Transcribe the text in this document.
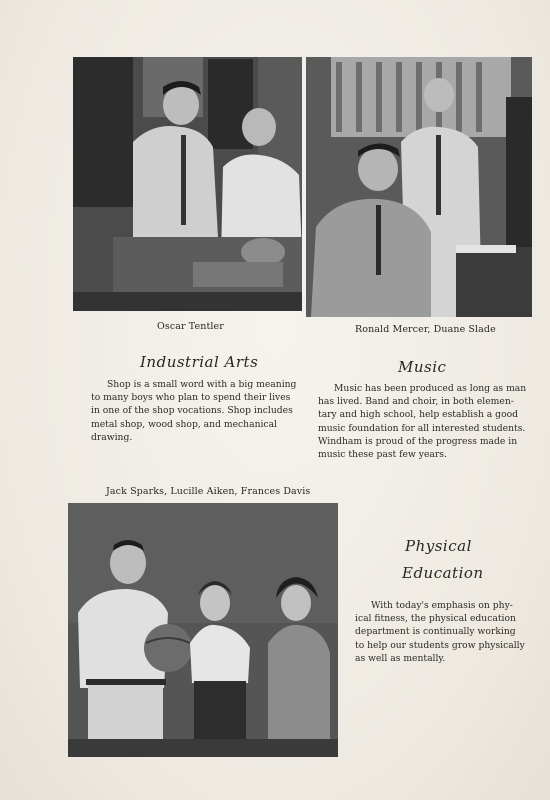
Oscar Tentler	Ronald Mercer, Duane Slade
Industrial Arts	Music
Shop is a small word with a big meaning
to many boys who plan to spend their lives
in one of the shop vocations. Shop includes
metal shop, wood shop, and mechanical
drawing.
Music has been produced as long as man
has lived. Band and choir, in both elemen-
tary and high school, help establish a good
music foundation for all interested students.
Windham is proud of the progress made in
music these past few years.
Jack Sparks, Lucille Aiken, Frances Davis
Physical
Education
With today's emphasis on phy-
ical fitness, the physical education
department is continually working
to help our students grow physically
as well as mentally.
